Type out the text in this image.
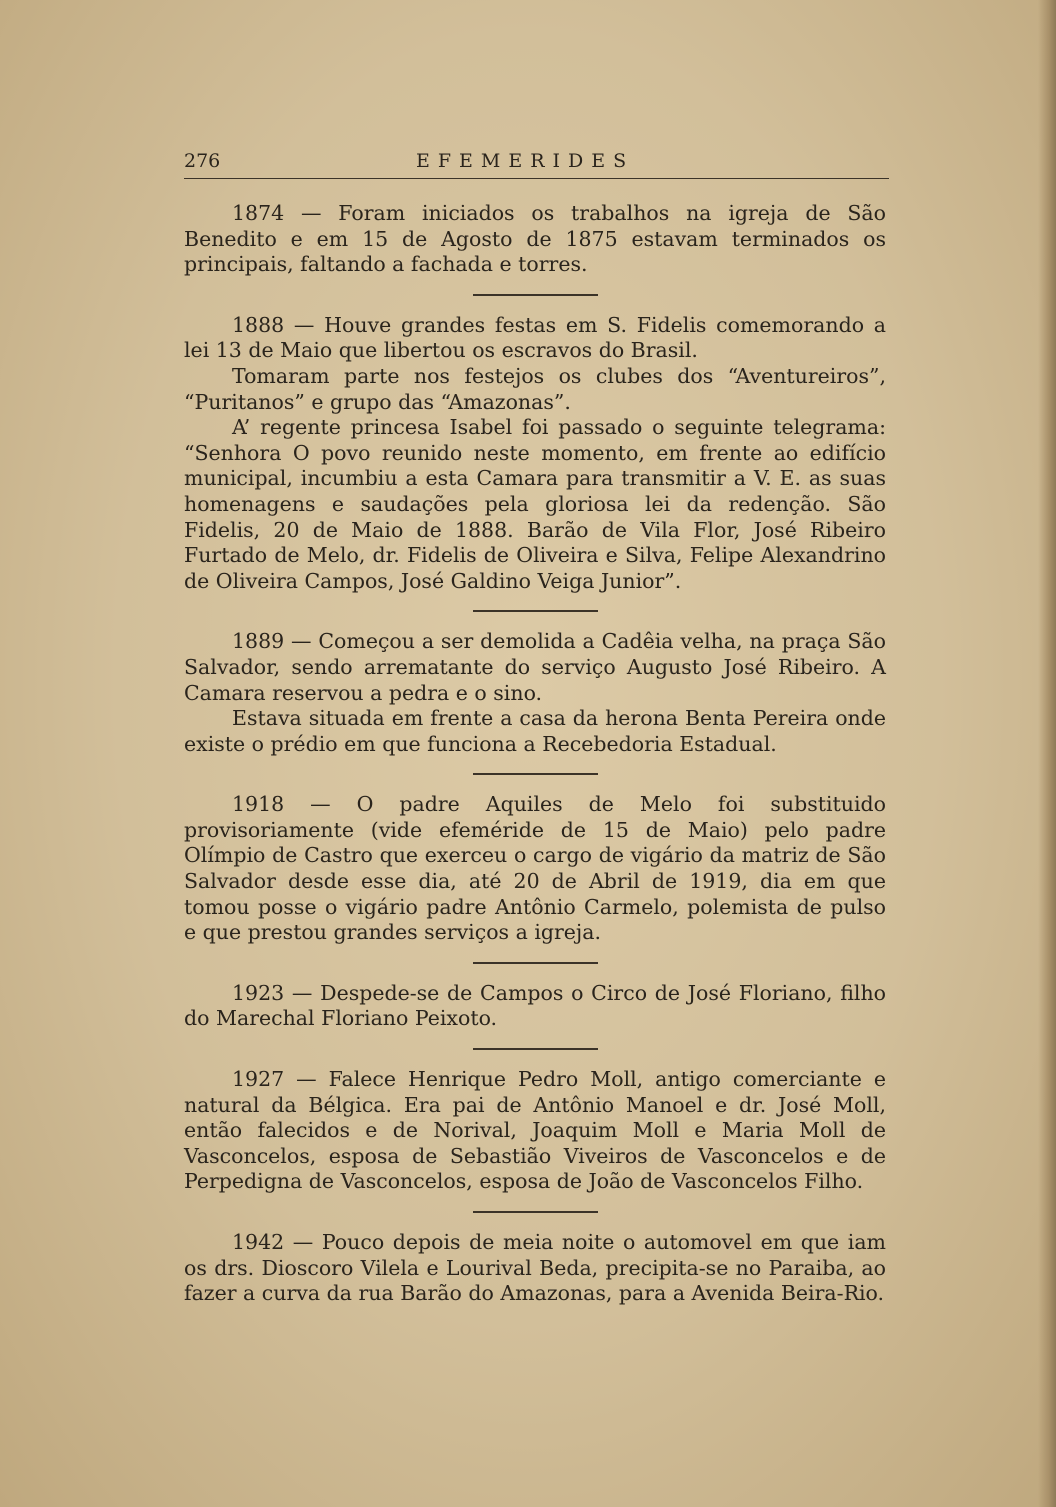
276	EFEMERIDES

1874 — Foram iniciados os trabalhos na igreja de São Benedito e em 15 de Agosto de 1875 estavam terminados os principais, faltando a fachada e torres.

1888 — Houve grandes festas em S. Fidelis comemorando a lei 13 de Maio que libertou os escravos do Brasil.

Tomaram parte nos festejos os clubes dos “Aventureiros”, “Puritanos” e grupo das “Amazonas”.

A’ regente princesa Isabel foi passado o seguinte telegrama: “Senhora O povo reunido neste momento, em frente ao edifício municipal, incumbiu a esta Camara para transmitir a V. E. as suas homenagens e saudações pela gloriosa lei da redenção. São Fidelis, 20 de Maio de 1888. Barão de Vila Flor, José Ribeiro Furtado de Melo, dr. Fidelis de Oliveira e Silva, Felipe Alexandrino de Oliveira Campos, José Galdino Veiga Junior”.

1889 — Começou a ser demolida a Cadêia velha, na praça São Salvador, sendo arrematante do serviço Augusto José Ribeiro. A Camara reservou a pedra e o sino.

Estava situada em frente a casa da herona Benta Pereira onde existe o prédio em que funciona a Recebedoria Estadual.

1918 — O padre Aquiles de Melo foi substituido provisoriamente (vide efeméride de 15 de Maio) pelo padre Olímpio de Castro que exerceu o cargo de vigário da matriz de São Salvador desde esse dia, até 20 de Abril de 1919, dia em que tomou posse o vigário padre Antônio Carmelo, polemista de pulso e que prestou grandes serviços a igreja.

1923 — Despede-se de Campos o Circo de José Floriano, filho do Marechal Floriano Peixoto.

1927 — Falece Henrique Pedro Moll, antigo comerciante e natural da Bélgica. Era pai de Antônio Manoel e dr. José Moll, então falecidos e de Norival, Joaquim Moll e Maria Moll de Vasconcelos, esposa de Sebastião Viveiros de Vasconcelos e de Perpedigna de Vasconcelos, esposa de João de Vasconcelos Filho.

1942 — Pouco depois de meia noite o automovel em que iam os drs. Dioscoro Vilela e Lourival Beda, precipita-se no Paraiba, ao fazer a curva da rua Barão do Amazonas, para a Avenida Beira-Rio.
